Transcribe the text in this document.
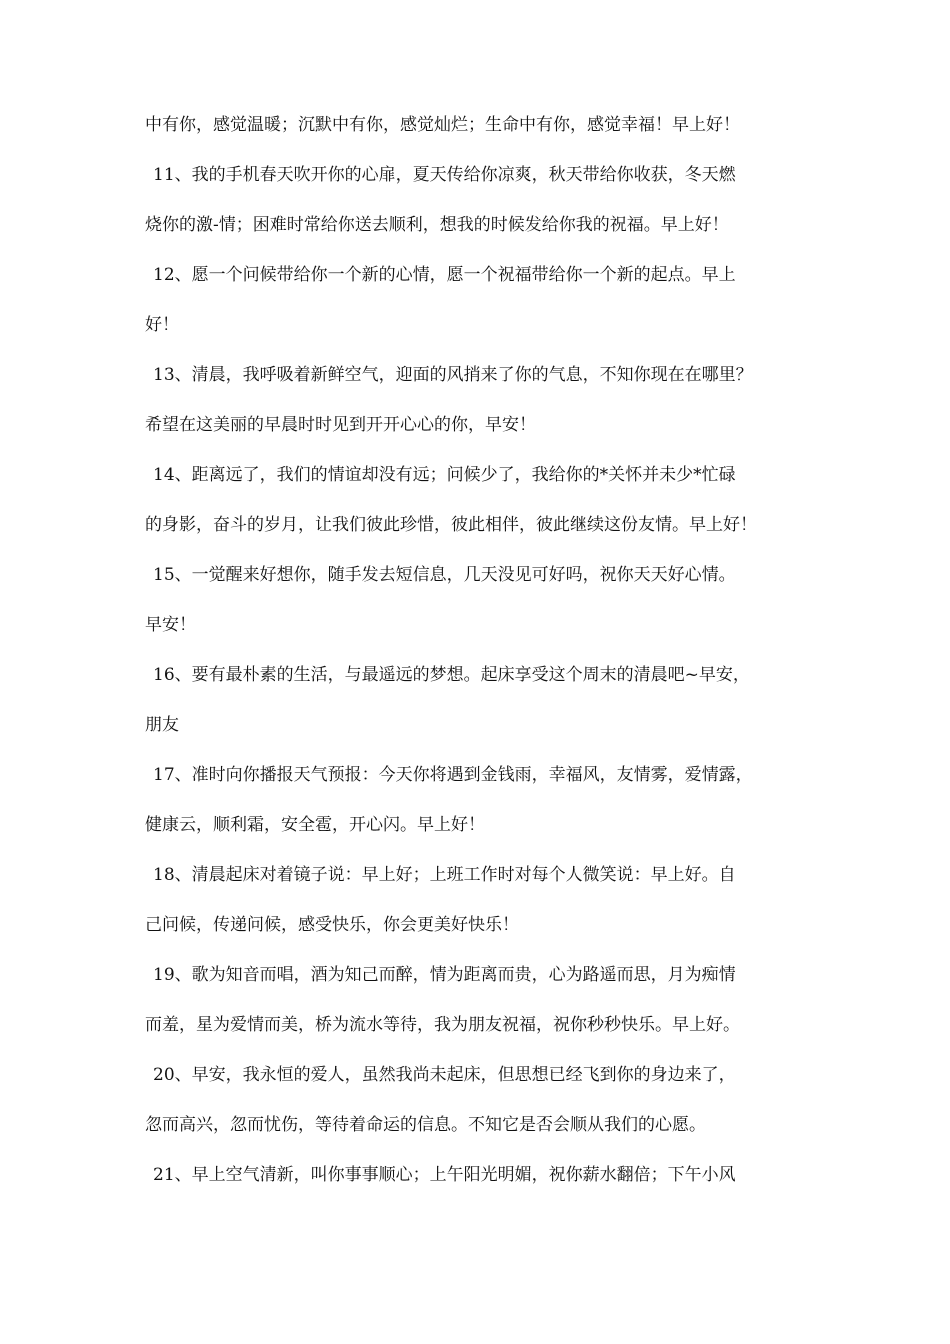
中有你，感觉温暖；沉默中有你，感觉灿烂；生命中有你，感觉幸福！早上好！
11、我的手机春天吹开你的心扉，夏天传给你凉爽，秋天带给你收获，冬天燃
烧你的激-情；困难时常给你送去顺利，想我的时候发给你我的祝福。早上好！
12、愿一个问候带给你一个新的心情，愿一个祝福带给你一个新的起点。早上
好！
13、清晨，我呼吸着新鲜空气，迎面的风捎来了你的气息，不知你现在在哪里？
希望在这美丽的早晨时时见到开开心心的你，早安！
14、距离远了，我们的情谊却没有远；问候少了，我给你的*关怀并未少*忙碌
的身影，奋斗的岁月，让我们彼此珍惜，彼此相伴，彼此继续这份友情。早上好！
15、一觉醒来好想你，随手发去短信息，几天没见可好吗，祝你天天好心情。
早安！
16、要有最朴素的生活，与最遥远的梦想。起床享受这个周末的清晨吧~早安，
朋友
17、准时向你播报天气预报：今天你将遇到金钱雨，幸福风，友情雾，爱情露，
健康云，顺利霜，安全雹，开心闪。早上好！
18、清晨起床对着镜子说：早上好；上班工作时对每个人微笑说：早上好。自
己问候，传递问候，感受快乐，你会更美好快乐！
19、歌为知音而唱，酒为知己而醉，情为距离而贵，心为路遥而思，月为痴情
而羞，星为爱情而美，桥为流水等待，我为朋友祝福，祝你秒秒快乐。早上好。
20、早安，我永恒的爱人，虽然我尚未起床，但思想已经飞到你的身边来了，
忽而高兴，忽而忧伤，等待着命运的信息。不知它是否会顺从我们的心愿。
21、早上空气清新，叫你事事顺心；上午阳光明媚，祝你薪水翻倍；下午小风
